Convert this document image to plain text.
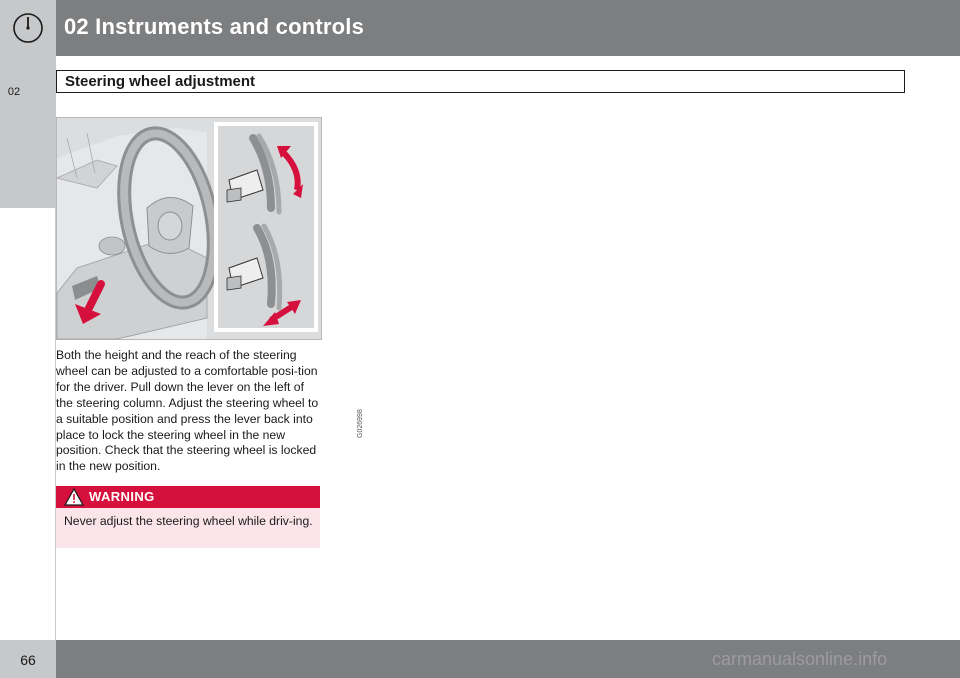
02 Instruments and controls
02
Steering wheel adjustment
G026998

Both the height and the reach of the steering wheel can be adjusted to a comfortable posi-tion for the driver. Pull down the lever on the left of the steering column. Adjust the steering wheel to a suitable position and press the lever back into place to lock the steering wheel in the new position. Check that the steering wheel is locked in the new position.

WARNING
Never adjust the steering wheel while driv-ing.
66	carmanualsonline.info
